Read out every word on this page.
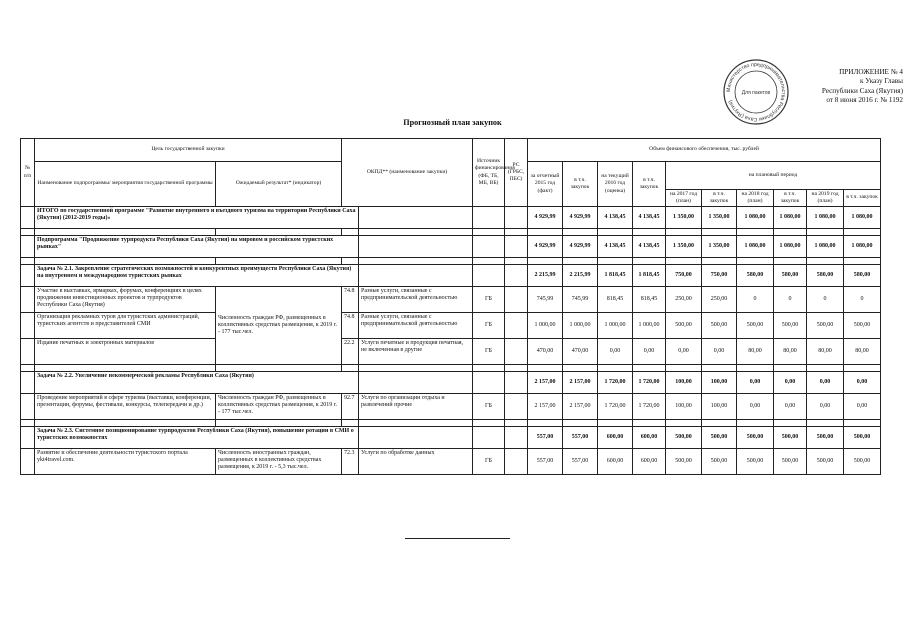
ПРИЛОЖЕНИЕ № 4
к Указу Главы
Республики Саха (Якутия)
от 8 июня 2016 г. № 1192
Министерство предпринимательства Республики Саха (Якутия)
Для пакетов
Прогнозный план закупок
№ п/п	Цель государственной закупки		ОКПД** (наименование закупки)		Источник финансирования (ФБ, ТБ, МБ, ВБ)	РС (ГРБС, ПБС)	Объем финансового обеспечения, тыс. рублей									
	Наименование подпрограммы/ мероприятия государственной программы	Ожидаемый результат* (индикатор)					за отчетный 2015 год (факт)	в т.ч. закупок	на текущий 2016 год (оценка)	в т.ч. закупок	на плановый период					
											на 2017 год (план)	в т.ч. закупок	на 2018 год (план)	в т.ч. закупок	на 2019 год (план)	в т.ч. закупок
	ИТОГО по государственной программе "Развитие внутреннего и въездного туризма на территории Республики Саха (Якутия) (2012-2019 годы)»						4 929,99	4 929,99	4 138,45	4 138,45	1 350,00	1 350,00	1 080,00	1 080,00	1 080,00	1 080,00

	Подпрограмма "Продвижение турпродукта Республики Саха (Якутия) на мировом и российском туристских рынках"						4 929,99	4 929,99	4 138,45	4 138,45	1 350,00	1 350,00	1 080,00	1 080,00	1 080,00	1 080,00

	Задача № 2.1. Закрепление стратегических возможностей и конкурентных преимуществ Республики Саха (Якутия) на внутреннем и международном туристских рынках						2 215,99	2 215,99	1 818,45	1 818,45	750,00	750,00	580,00	580,00	580,00	580,00
	Участие в выставках, ярмарках, форумах, конференциях в целях продвижения инвестиционных проектов и турпродуктов Республики Саха (Якутия)	Численность граждан РФ, размещенных в коллективных средствах размещения, к 2019 г. - 177 тыс.чел.	74.8	Разные услуги, связанные с предпринимательской деятельностью	ГБ		745,99	745,99	818,45	818,45	250,00	250,00	0	0	0	0
	Организация рекламных туров для туристских администраций, туристских агентств и представителей СМИ		74.8	Разные услуги, связанные с предпринимательской деятельностью	ГБ		1 000,00	1 000,00	1 000,00	1 000,00	500,00	500,00	500,00	500,00	500,00	500,00
	Издание печатных и электронных материалов		22.2	Услуги печатные и продукция печатная, не включенная в другие	ГБ		470,00	470,00	0,00	0,00	0,00	0,00	80,00	80,00	80,00	80,00

	Задача № 2.2. Увеличение некоммерческой рекламы Республики Саха (Якутия)						2 157,00	2 157,00	1 720,00	1 720,00	100,00	100,00	0,00	0,00	0,00	0,00
	Проведение мероприятий в сфере туризма (выставки, конференции, презентации, форумы, фестивали, конкурсы, телепередачи и др.)	Численность граждан РФ, размещенных в коллективных средствах размещения, к 2019 г. - 177 тыс.чел.	92.7	Услуги по организации отдыха и развлечений прочие	ГБ		2 157,00	2 157,00	1 720,00	1 720,00	100,00	100,00	0,00	0,00	0,00	0,00

	Задача № 2.3. Системное позиционирование турпродуктов Республики Саха (Якутия), повышение ротации в СМИ о туристских возможностях						557,00	557,00	600,00	600,00	500,00	500,00	500,00	500,00	500,00	500,00
	Развитие и обеспечение деятельности туристского портала ykt4travel.com.	Численность иностранных граждан, размещенных в коллективных средствах размещения, к 2019 г. - 5,3 тыс.чел.	72.3	Услуги по обработке данных	ГБ		557,00	557,00	600,00	600,00	500,00	500,00	500,00	500,00	500,00	500,00
